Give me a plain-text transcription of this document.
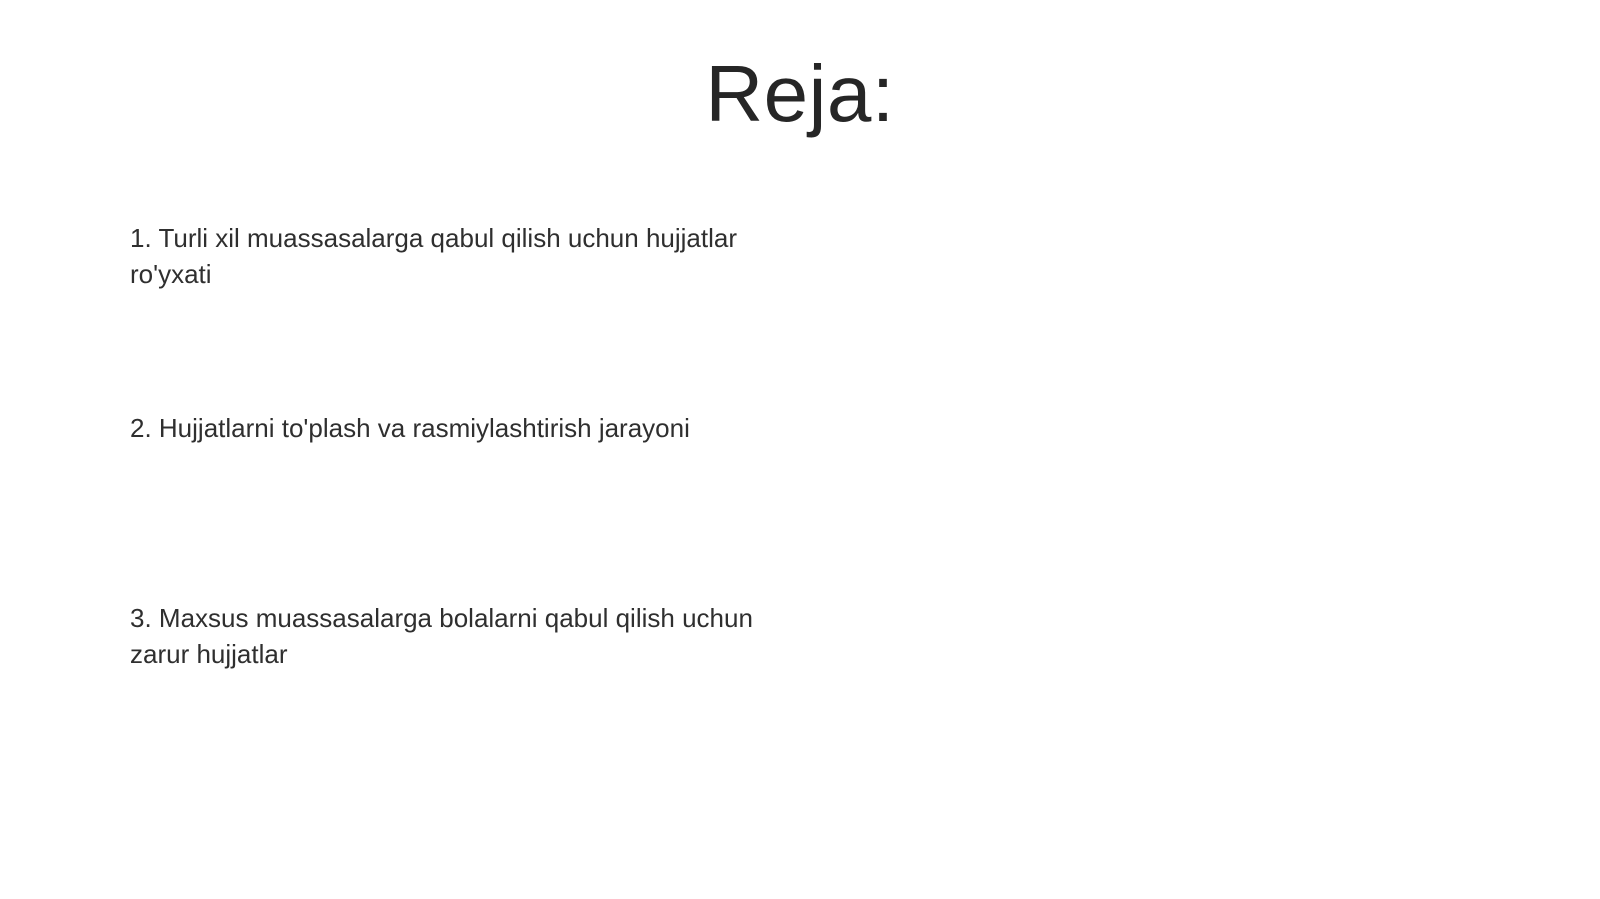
Reja:

1. Turli xil muassasalarga qabul qilish uchun hujjatlar ro'yxati

2. Hujjatlarni to'plash va rasmiylashtirish jarayoni

3. Maxsus muassasalarga bolalarni qabul qilish uchun zarur hujjatlar
